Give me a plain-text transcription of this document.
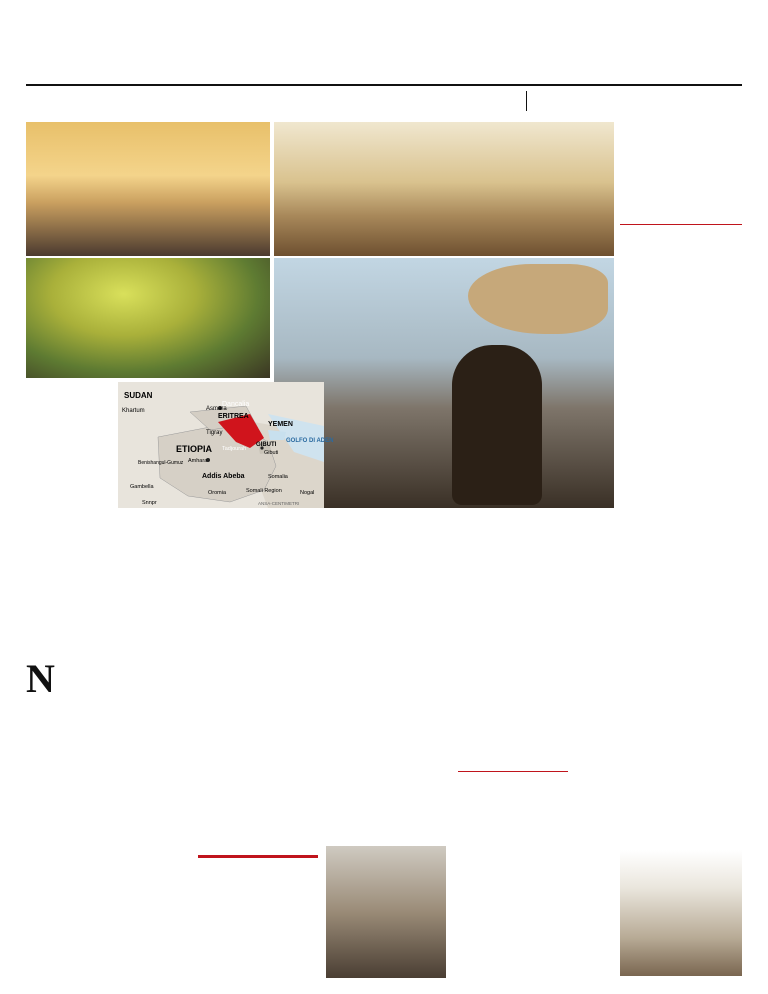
SUDAN
ERITREA
Asmara
Khartum
Dancalia
YEMEN
Tigray
ETIOPIA Tadjourah
GIBUTI
Gibuti
GOLFO DI ADEN
Amhara
Benishangul-Gumuz
Somalia
Addis Abeba
Gambella
Oromia	Somali Region
Snnpr
Nogal
ANSA-CENTIMETRI

N
